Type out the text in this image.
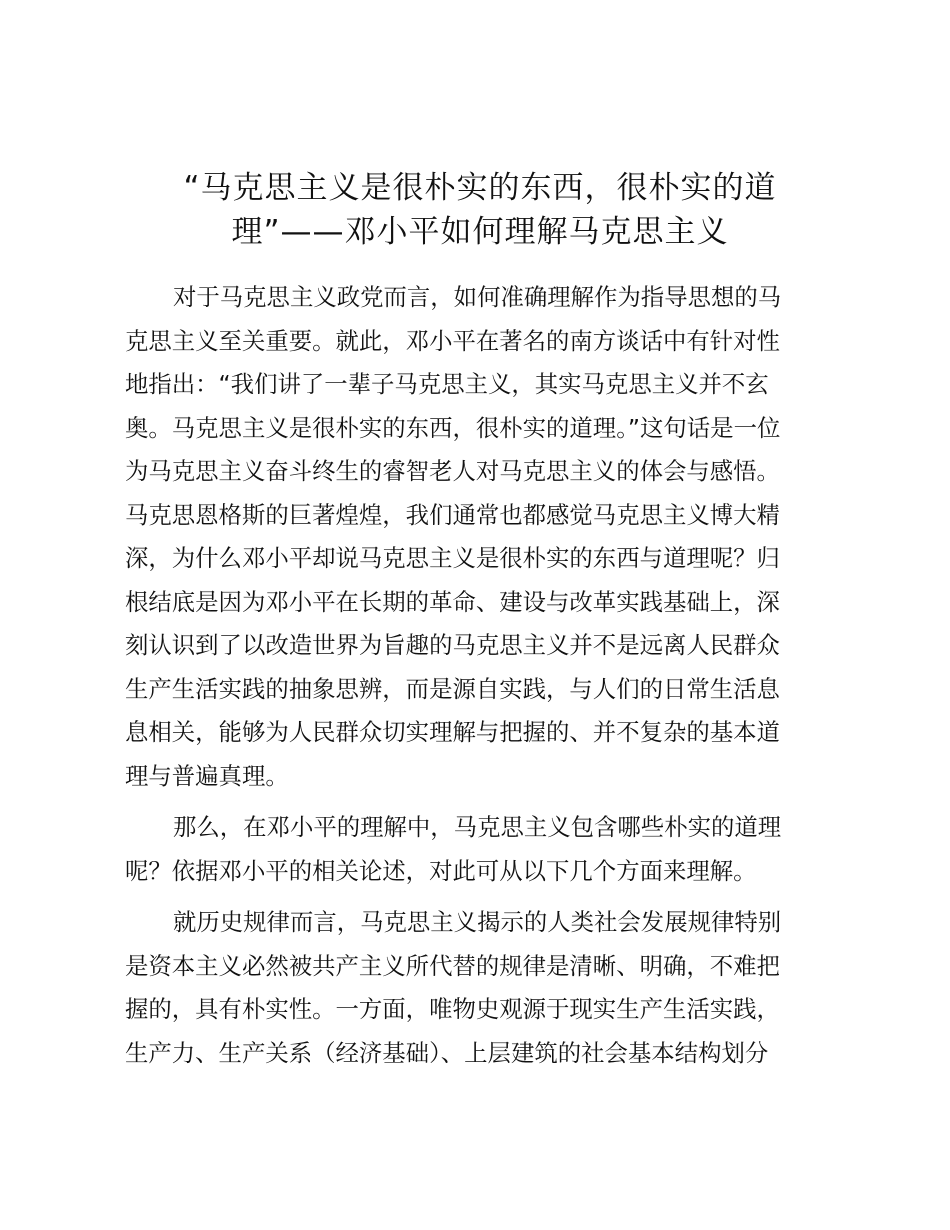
“马克思主义是很朴实的东西，很朴实的道
理”——邓小平如何理解马克思主义
对于马克思主义政党而言，如何准确理解作为指导思想的马
克思主义至关重要。就此，邓小平在著名的南方谈话中有针对性
地指出：“我们讲了一辈子马克思主义，其实马克思主义并不玄
奥。马克思主义是很朴实的东西，很朴实的道理。”这句话是一位
为马克思主义奋斗终生的睿智老人对马克思主义的体会与感悟。
马克思恩格斯的巨著煌煌，我们通常也都感觉马克思主义博大精
深，为什么邓小平却说马克思主义是很朴实的东西与道理呢？归
根结底是因为邓小平在长期的革命、建设与改革实践基础上，深
刻认识到了以改造世界为旨趣的马克思主义并不是远离人民群众
生产生活实践的抽象思辨，而是源自实践，与人们的日常生活息
息相关，能够为人民群众切实理解与把握的、并不复杂的基本道
理与普遍真理。
那么，在邓小平的理解中，马克思主义包含哪些朴实的道理
呢？依据邓小平的相关论述，对此可从以下几个方面来理解。
就历史规律而言，马克思主义揭示的人类社会发展规律特别
是资本主义必然被共产主义所代替的规律是清晰、明确，不难把
握的，具有朴实性。一方面，唯物史观源于现实生产生活实践，
生产力、生产关系（经济基础）、上层建筑的社会基本结构划分
